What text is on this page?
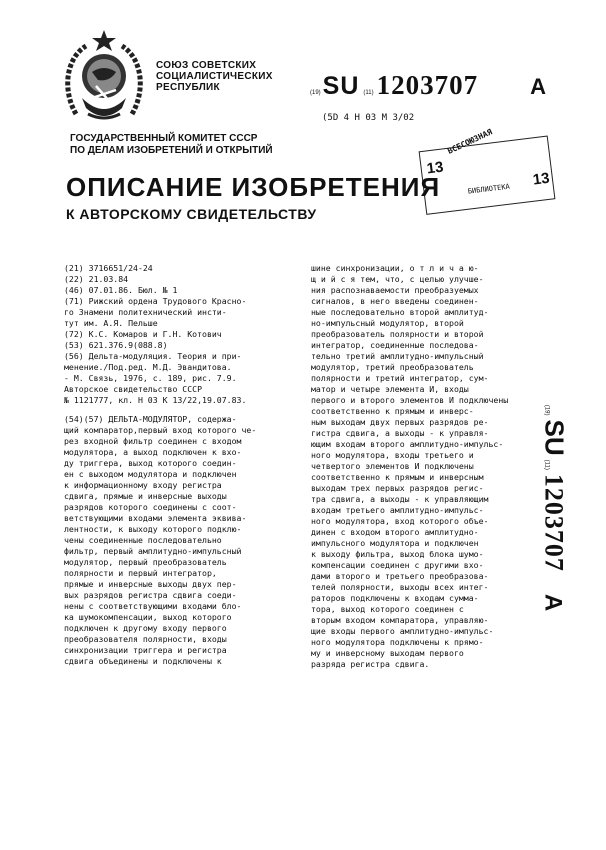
СОЮЗ СОВЕТСКИХ
СОЦИАЛИСТИЧЕСКИХ
РЕСПУБЛИК	(19) SU (11) 1203707 A
(5D 4 Н 03 М 3/02
ГОСУДАРСТВЕННЫЙ КОМИТЕТ СССР
ПО ДЕЛАМ ИЗОБРЕТЕНИЙ И ОТКРЫТИЙ	ВСЕСОЮЗНАЯ
13
13
БИБЛИОТЕКА
ОПИСАНИЕ ИЗОБРЕТЕНИЯ
К АВТОРСКОМУ СВИДЕТЕЛЬСТВУ
(21) 3716651/24-24
(22) 21.03.84
(46) 07.01.86. Бюл. № 1
(71) Рижский ордена Трудового Красно-
го Знамени политехнический инсти-
тут им. А.Я. Пельше
(72) К.С. Комаров и Г.Н. Котович
(53) 621.376.9(088.8)
(56) Дельта-модуляция. Теория и при-
менение./Под.ред. М.Д. Эвандитова.
- М. Связь, 1976, с. 189, рис. 7.9.
Авторское свидетельство СССР
№ 1121777, кл. Н 03 К 13/22,19.07.83.
(54)(57) ДЕЛЬТА-МОДУЛЯТОР, содержа-
щий компаратор,первый вход которого че-
рез входной фильтр соединен с входом
модулятора, а выход подключен к вхо-
ду триггера, выход которого соедин-
ен с выходом модулятора и подключен
к информационному входу регистра
сдвига, прямые и инверсные выходы
разрядов которого соединены с соот-
ветствующими входами элемента эквива-
лентности, к выходу которого подклю-
чены соединенные последовательно
фильтр, первый амплитудно-импульсный
модулятор, первый преобразователь
полярности и первый интегратор,
прямые и инверсные выходы двух пер-
вых разрядов регистра сдвига соеди-
нены с соответствующими входами бло-
ка шумокомпенсации, выход которого
подключен к другому входу первого
преобразователя полярности, входы
синхронизации триггера и регистра
сдвига объединены и подключены к
шине синхронизации, о т л и ч а ю-
щ и й с я тем, что, с целью улучше-
ния распознаваемости преобразуемых
сигналов, в него введены соединен-
ные последовательно второй амплитуд-
но-импульсный модулятор, второй
преобразователь полярности и второй
интегратор, соединенные последова-
тельно третий амплитудно-импульсный
модулятор, третий преобразователь
полярности и третий интегратор, сум-
матор и четыре элемента И, входы
первого и второго элементов И подключены
соответственно к прямым и инверс-
ным выходам двух первых разрядов ре-
гистра сдвига, а выходы - к управля-
ющим входам второго амплитудно-импульс-
ного модулятора, входы третьего и
четвертого элементов И подключены
соответственно к прямым и инверсным
выходам трех первых разрядов регис-
тра сдвига, а выходы - к управляющим
входам третьего амплитудно-импульс-
ного модулятора, вход которого объе-
динен с входом второго амплитудно-
импульсного модулятора и подключен
к выходу фильтра, выход блока шумо-
компенсации соединен с другими вхо-
дами второго и третьего преобразова-
телей полярности, выходы всех интег-
раторов подключены к входам сумма-
тора, выход которого соединен с
вторым входом компаратора, управляю-
щие входы первого амплитудно-импульс-
ного модулятора подключены к прямо-
му и инверсному выходам первого
разряда регистра сдвига.
(19)
SU
(11)
1203707
A
